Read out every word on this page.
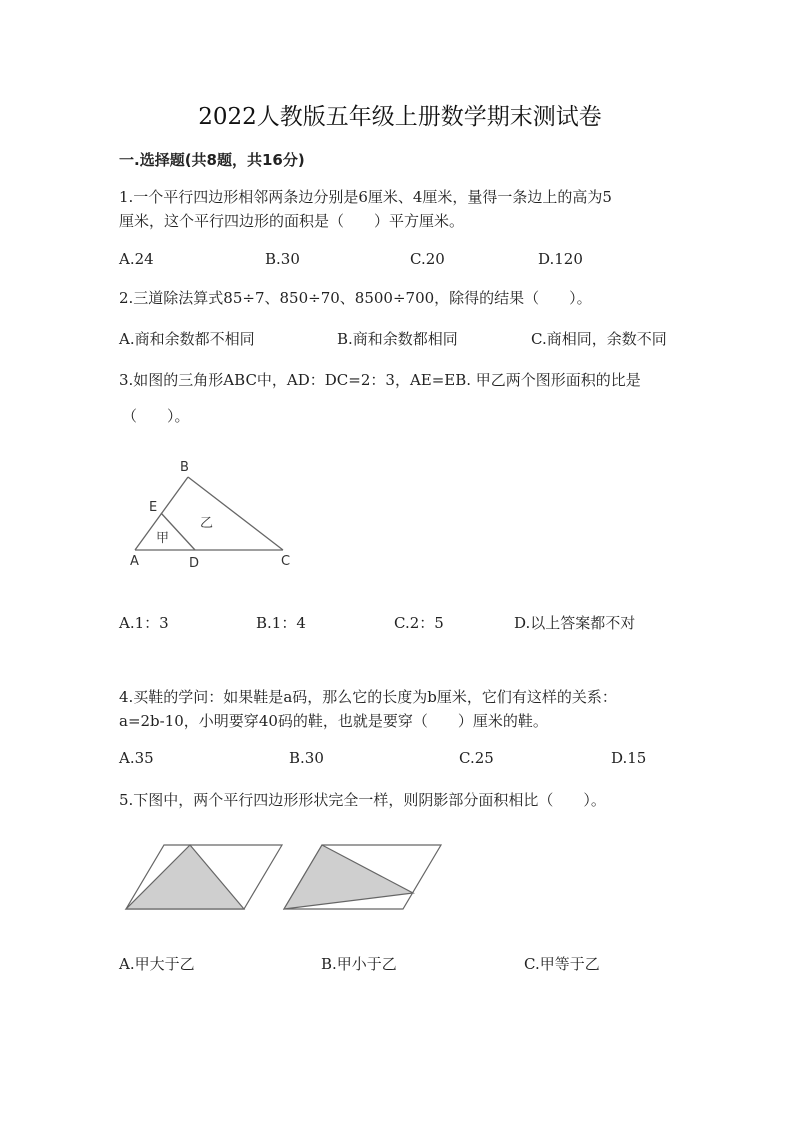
2022人教版五年级上册数学期末测试卷
一.选择题(共8题，共16分)
1.一个平行四边形相邻两条边分别是6厘米、4厘米，量得一条边上的高为5
厘米，这个平行四边形的面积是（　　）平方厘米。
A.24	B.30	C.20	D.120
2.三道除法算式85÷7、850÷70、8500÷700，除得的结果（　　）。
A.商和余数都不相同	B.商和余数都相同	C.商相同，余数不同
3.如图的三角形ABC中，AD：DC=2：3，AE=EB. 甲乙两个图形面积的比是
（　　）。
A
B
C
D
E
甲
乙
A.1：3	B.1：4	C.2：5	D.以上答案都不对
4.买鞋的学问：如果鞋是a码，那么它的长度为b厘米，它们有这样的关系：
a=2b-10，小明要穿40码的鞋，也就是要穿（　　）厘米的鞋。
A.35	B.30	C.25	D.15
5.下图中，两个平行四边形形状完全一样，则阴影部分面积相比（　　）。
A.甲大于乙	B.甲小于乙	C.甲等于乙
